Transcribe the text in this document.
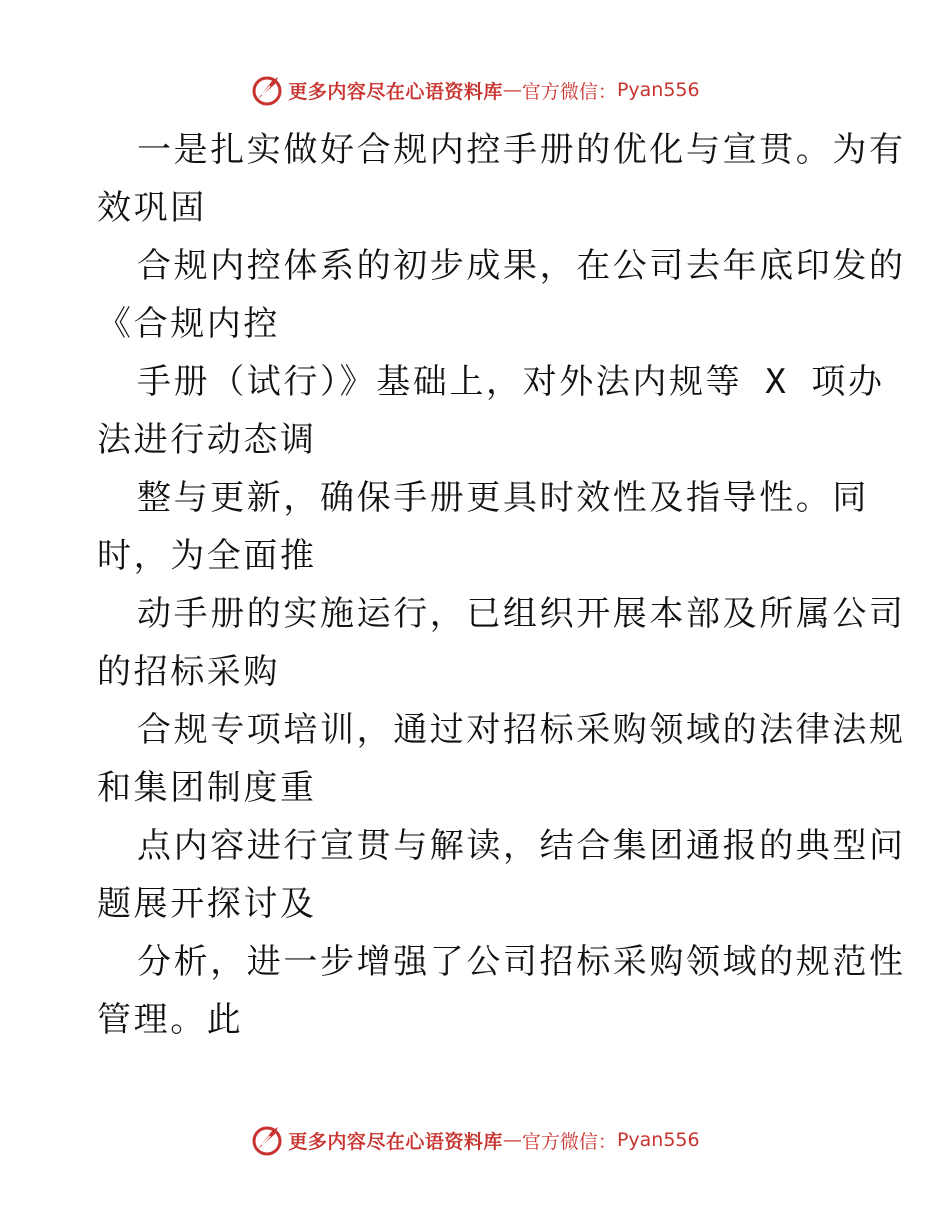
更多内容尽在心语资料库 — 官方微信： Pyan556
一是扎实做好合规内控手册的优化与宣贯。为有
效巩固
合规内控体系的初步成果，在公司去年底印发的
《合规内控
手册（试行）》基础上，对外法内规等 X 项办
法进行动态调
整与更新，确保手册更具时效性及指导性。同
时，为全面推
动手册的实施运行，已组织开展本部及所属公司
的招标采购
合规专项培训，通过对招标采购领域的法律法规
和集团制度重
点内容进行宣贯与解读，结合集团通报的典型问
题展开探讨及
分析，进一步增强了公司招标采购领域的规范性
管理。此
更多内容尽在心语资料库 — 官方微信： Pyan556
